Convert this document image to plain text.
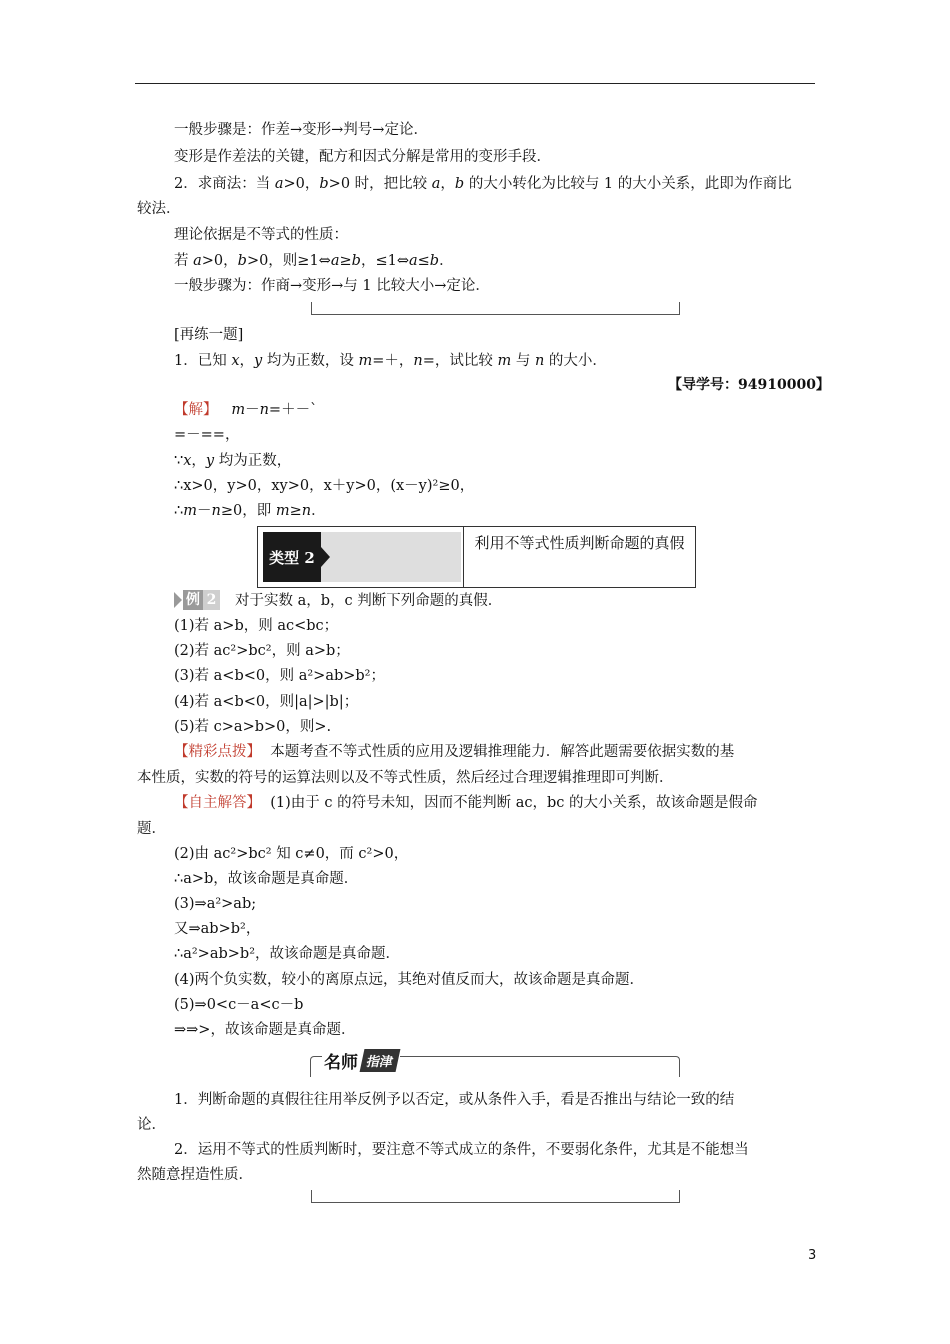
一般步骤是：作差→变形→判号→定论．
变形是作差法的关键，配方和因式分解是常用的变形手段．
2．求商法：当 a>0，b>0 时，把比较 a，b 的大小转化为比较与 1 的大小关系，此即为作商比
较法．
理论依据是不等式的性质：
若 a>0，b>0，则≥1⇔a≥b，≤1⇔a≤b．
一般步骤为：作商→变形→与 1 比较大小→定论．
[再练一题]
1．已知 x，y 均为正数，设 m=＋，n=，试比较 m 与 n 的大小．
【导学号：94910000】
【解】 m－n=＋－`
=－==，
∵x，y 均为正数，
∴x>0，y>0，xy>0，x＋y>0，(x－y)²≥0，
∴m－n≥0，即 m≥n．
类型 2
利用不等式性质判断命题的真假
例 2 对于实数 a，b，c 判断下列命题的真假．
(1)若 a>b，则 ac<bc；
(2)若 ac²>bc²，则 a>b；
(3)若 a<b<0，则 a²>ab>b²；
(4)若 a<b<0，则|a|>|b|；
(5)若 c>a>b>0，则>.
【精彩点拨】 本题考查不等式性质的应用及逻辑推理能力．解答此题需要依据实数的基
本性质，实数的符号的运算法则以及不等式性质，然后经过合理逻辑推理即可判断．
【自主解答】 (1)由于 c 的符号未知，因而不能判断 ac，bc 的大小关系，故该命题是假命
题．
(2)由 ac²>bc² 知 c≠0，而 c²>0，
∴a>b，故该命题是真命题．
(3)⇒a²>ab;
又⇒ab>b²，
∴a²>ab>b²，故该命题是真命题．
(4)两个负实数，较小的离原点远，其绝对值反而大，故该命题是真命题．
(5)⇒0<c－a<c－b
⇒⇒>，故该命题是真命题．
名师 指津
1．判断命题的真假往往用举反例予以否定，或从条件入手，看是否推出与结论一致的结
论．
2．运用不等式的性质判断时，要注意不等式成立的条件，不要弱化条件，尤其是不能想当
然随意捏造性质．
3
